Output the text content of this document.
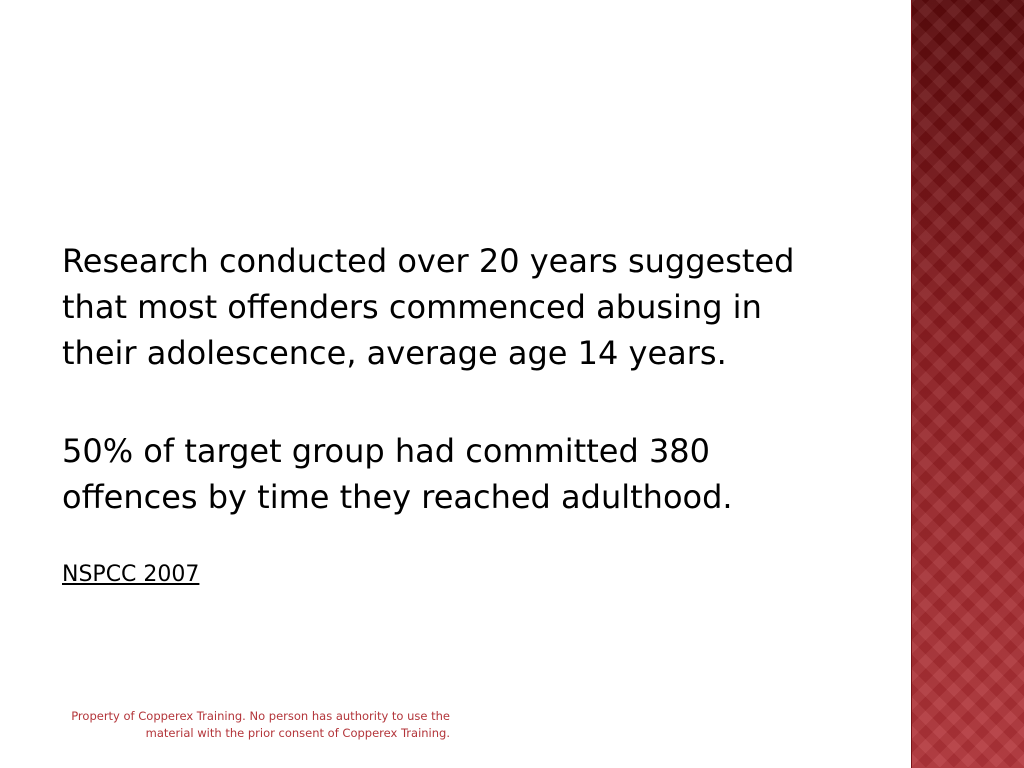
Research conducted over 20 years suggested that most offenders commenced abusing in their adolescence, average age 14 years.

50% of target group had committed 380 offences by time they reached adulthood.

NSPCC 2007

Property of Copperex Training. No person has authority to use the material with the prior consent of Copperex Training.
